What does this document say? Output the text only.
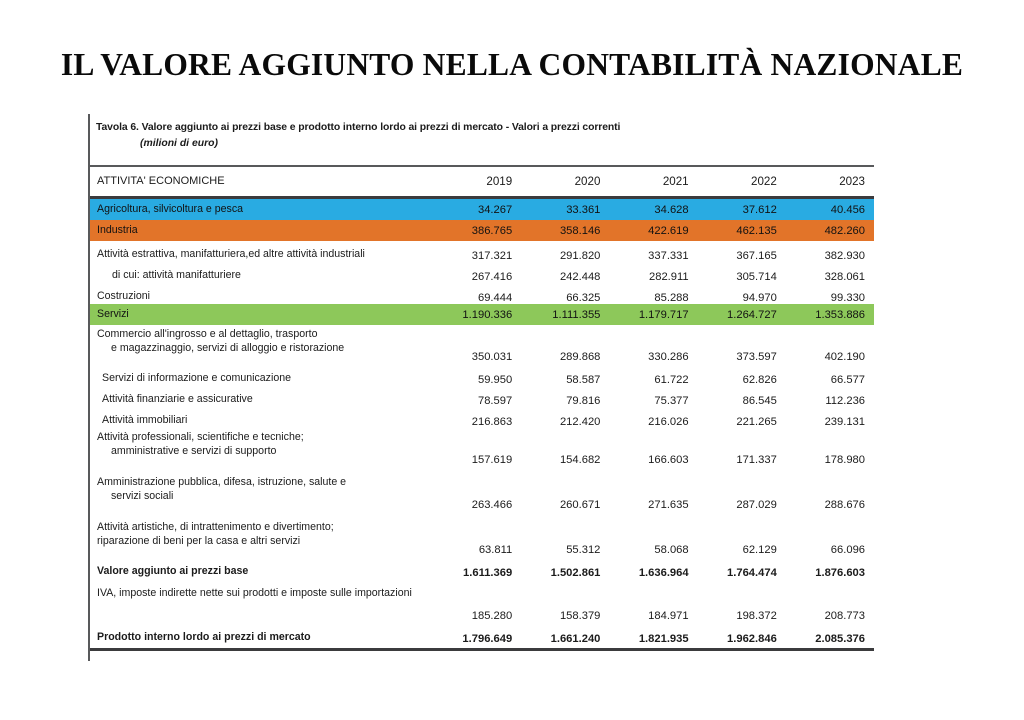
IL VALORE AGGIUNTO NELLA CONTABILITÀ NAZIONALE
Tavola 6. Valore aggiunto ai prezzi base e prodotto interno lordo ai prezzi di mercato - Valori a prezzi correnti
(milioni di euro)
ATTIVITA' ECONOMICHE	2019	2020	2021	2022	2023
Agricoltura, silvicoltura e pesca	34.267	33.361	34.628	37.612	40.456
Industria	386.765	358.146	422.619	462.135	482.260
Attività estrattiva, manifatturiera,ed altre attività industriali	317.321	291.820	337.331	367.165	382.930
di cui: attività manifatturiere	267.416	242.448	282.911	305.714	328.061
Costruzioni	69.444	66.325	85.288	94.970	99.330
Servizi	1.190.336	1.111.355	1.179.717	1.264.727	1.353.886
Commercio all'ingrosso e al dettaglio, trasporto
e magazzinaggio, servizi di alloggio e ristorazione
350.031	289.868	330.286	373.597	402.190
Servizi di informazione e comunicazione	59.950	58.587	61.722	62.826	66.577
Attività finanziarie e assicurative	78.597	79.816	75.377	86.545	112.236
Attività immobiliari	216.863	212.420	216.026	221.265	239.131
Attività professionali, scientifiche e tecniche;
amministrative e servizi di supporto
157.619	154.682	166.603	171.337	178.980
Amministrazione pubblica, difesa, istruzione, salute e
servizi sociali
263.466	260.671	271.635	287.029	288.676
Attività artistiche, di intrattenimento e divertimento;
riparazione di beni per la casa e altri servizi
63.811	55.312	58.068	62.129	66.096
Valore aggiunto ai prezzi base	1.611.369	1.502.861	1.636.964	1.764.474	1.876.603
IVA, imposte indirette nette sui prodotti e imposte sulle importazioni
185.280	158.379	184.971	198.372	208.773
Prodotto interno lordo ai prezzi di mercato	1.796.649	1.661.240	1.821.935	1.962.846	2.085.376
